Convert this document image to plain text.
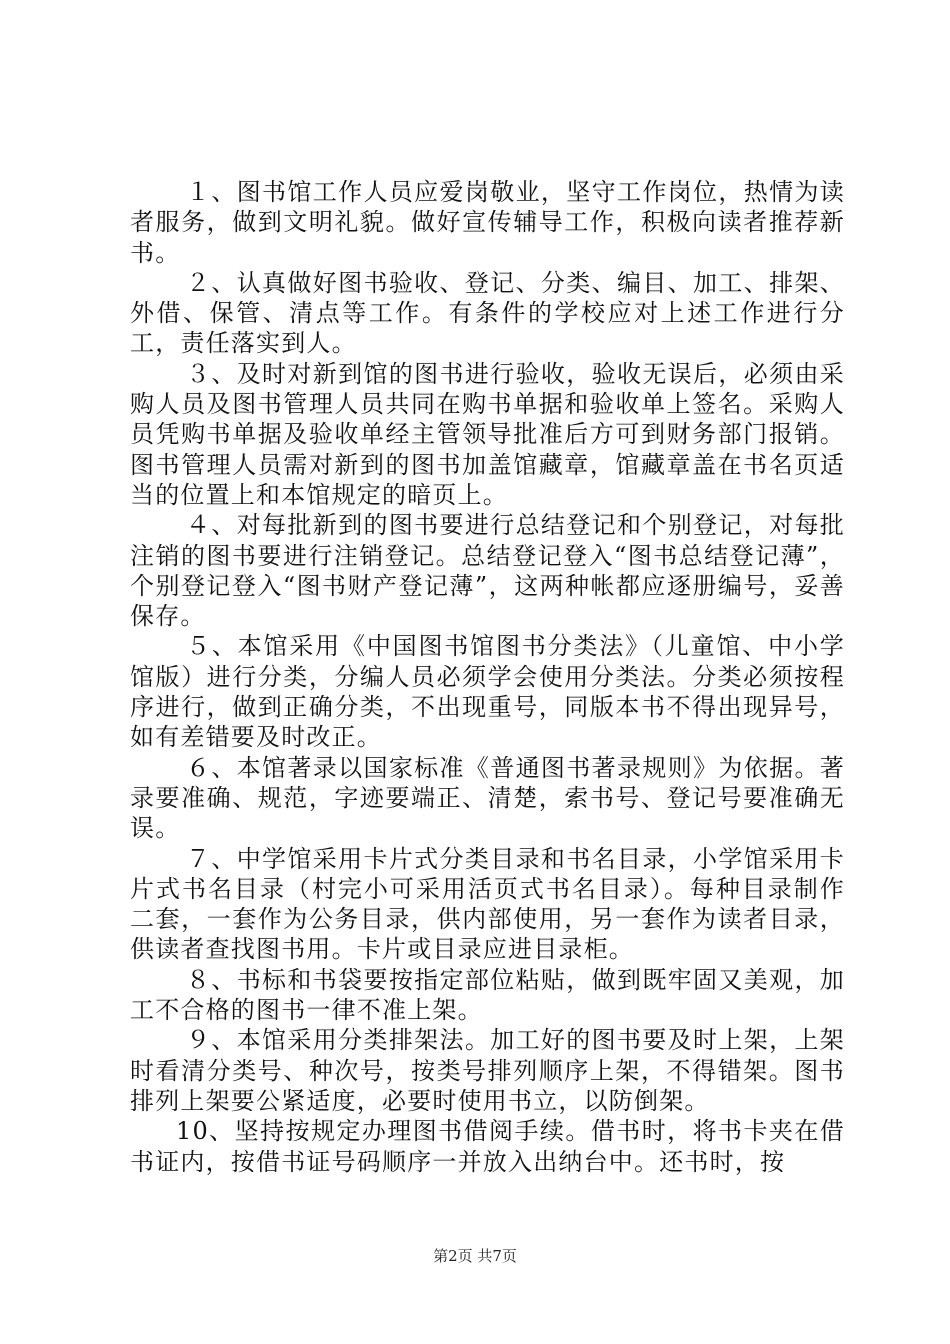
１、图书馆工作人员应爱岗敬业，坚守工作岗位，热情为读者服务，做到文明礼貌。做好宣传辅导工作，积极向读者推荐新书。

２、认真做好图书验收、登记、分类、编目、加工、排架、外借、保管、清点等工作。有条件的学校应对上述工作进行分工，责任落实到人。

３、及时对新到馆的图书进行验收，验收无误后，必须由采购人员及图书管理人员共同在购书单据和验收单上签名。采购人员凭购书单据及验收单经主管领导批准后方可到财务部门报销。图书管理人员需对新到的图书加盖馆藏章，馆藏章盖在书名页适当的位置上和本馆规定的暗页上。

４、对每批新到的图书要进行总结登记和个别登记，对每批注销的图书要进行注销登记。总结登记登入“图书总结登记薄”，个别登记登入“图书财产登记薄”，这两种帐都应逐册编号，妥善保存。

５、本馆采用《中国图书馆图书分类法》（儿童馆、中小学馆版）进行分类，分编人员必须学会使用分类法。分类必须按程序进行，做到正确分类，不出现重号，同版本书不得出现异号，如有差错要及时改正。

６、本馆著录以国家标准《普通图书著录规则》为依据。著录要准确、规范，字迹要端正、清楚，索书号、登记号要准确无误。

７、中学馆采用卡片式分类目录和书名目录，小学馆采用卡片式书名目录（村完小可采用活页式书名目录）。每种目录制作二套，一套作为公务目录，供内部使用，另一套作为读者目录，供读者查找图书用。卡片或目录应进目录柜。

８、书标和书袋要按指定部位粘贴，做到既牢固又美观，加工不合格的图书一律不准上架。

９、本馆采用分类排架法。加工好的图书要及时上架，上架时看清分类号、种次号，按类号排列顺序上架，不得错架。图书排列上架要公紧适度，必要时使用书立，以防倒架。

10、坚持按规定办理图书借阅手续。借书时，将书卡夹在借书证内，按借书证号码顺序一并放入出纳台中。还书时，按

第2页 共7页
